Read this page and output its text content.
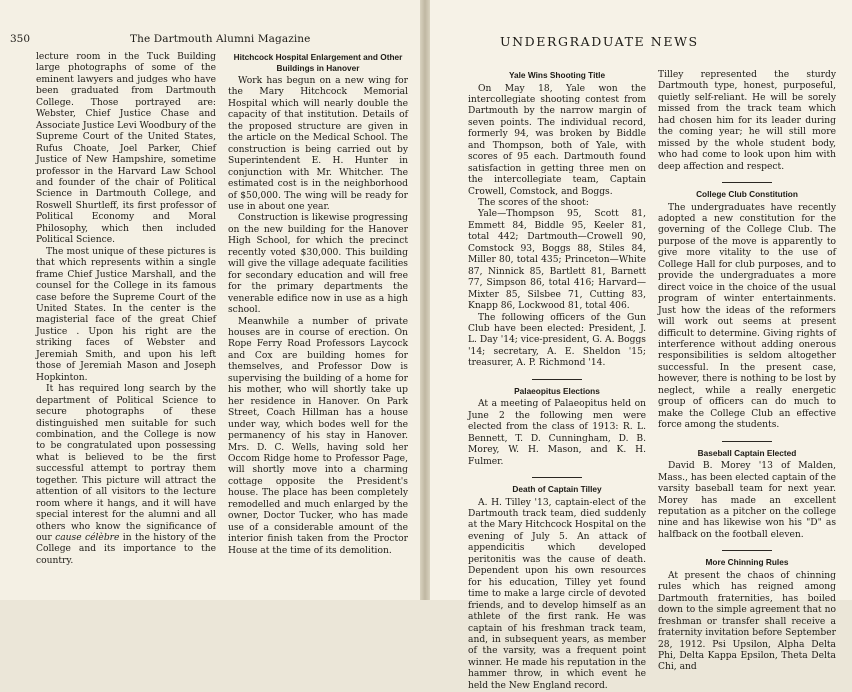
350	The Dartmouth Alumni Magazine

lecture room in the Tuck Building large photographs of some of the eminent lawyers and judges who have been graduated from Dartmouth College. Those portrayed are: Webster, Chief Justice Chase and Associate Justice Levi Woodbury of the Supreme Court of the United States, Rufus Choate, Joel Parker, Chief Justice of New Hampshire, sometime professor in the Harvard Law School and founder of the chair of Political Science in Dartmouth College, and Roswell Shurtleff, its first professor of Political Economy and Moral Philosophy, which then included Political Science.

The most unique of these pictures is that which represents within a single frame Chief Justice Marshall, and the counsel for the College in its famous case before the Supreme Court of the United States. In the center is the magisterial face of the great Chief Justice . Upon his right are the striking faces of Webster and Jeremiah Smith, and upon his left those of Jeremiah Mason and Joseph Hopkinton.

It has required long search by the department of Political Science to secure photographs of these distinguished men suitable for such combination, and the College is now to be congratulated upon possessing what is believed to be the first successful attempt to portray them together. This picture will attract the attention of all visitors to the lecture room where it hangs, and it will have special interest for the alumni and all others who know the significance of our cause célèbre in the history of the College and its importance to the country.

Hitchcock Hospital Enlargement and Other Buildings in Hanover

Work has begun on a new wing for the Mary Hitchcock Memorial Hospital which will nearly double the capacity of that institution. Details of the proposed structure are given in the article on the Medical School. The construction is being carried out by Superintendent E. H. Hunter in conjunction with Mr. Whitcher. The estimated cost is in the neighborhood of $50,000. The wing will be ready for use in about one year.

Construction is likewise progressing on the new building for the Hanover High School, for which the precinct recently voted $30,000. This building will give the village adequate facilities for secondary education and will free for the primary departments the venerable edifice now in use as a high school.

Meanwhile a number of private houses are in course of erection. On Rope Ferry Road Professors Laycock and Cox are building homes for themselves, and Professor Dow is supervising the building of a home for his mother, who will shortly take up her residence in Hanover. On Park Street, Coach Hillman has a house under way, which bodes well for the permanency of his stay in Hanover. Mrs. D. C. Wells, having sold her Occom Ridge home to Professor Page, will shortly move into a charming cottage opposite the President's house. The place has been completely remodelled and much enlarged by the owner, Doctor Tucker, who has made use of a considerable amount of the interior finish taken from the Proctor House at the time of its demolition.

UNDERGRADUATE NEWS
Yale Wins Shooting Title

On May 18, Yale won the intercollegiate shooting contest from Dartmouth by the narrow margin of seven points. The individual record, formerly 94, was broken by Biddle and Thompson, both of Yale, with scores of 95 each. Dartmouth found satisfaction in getting three men on the intercollegiate team, Captain Crowell, Comstock, and Boggs.

The scores of the shoot:

Yale—Thompson 95, Scott 81, Emmett 84, Biddle 95, Keeler 81, total 442; Dartmouth—Crowell 90, Comstock 93, Boggs 88, Stiles 84, Miller 80, total 435; Princeton—White 87, Ninnick 85, Bartlett 81, Barnett 77, Simpson 86, total 416; Harvard—Mixter 85, Silsbee 71, Cutting 83, Knapp 86, Lockwood 81, total 406.

The following officers of the Gun Club have been elected: President, J. L. Day '14; vice-president, G. A. Boggs '14; secretary, A. E. Sheldon '15; treasurer, A. P. Richmond '14.

Palaeopitus Elections

At a meeting of Palaeopitus held on June 2 the following men were elected from the class of 1913: R. L. Bennett, T. D. Cunningham, D. B. Morey, W. H. Mason, and K. H. Fulmer.

Death of Captain Tilley

A. H. Tilley '13, captain-elect of the Dartmouth track team, died suddenly at the Mary Hitchcock Hospital on the evening of July 5. An attack of appendicitis which developed peritonitis was the cause of death. Dependent upon his own resources for his education, Tilley yet found time to make a large circle of devoted friends, and to develop himself as an athlete of the first rank. He was captain of his freshman track team, and, in subsequent years, as member of the varsity, was a frequent point winner. He made his reputation in the hammer throw, in which event he held the New England record.

Tilley represented the sturdy Dartmouth type, honest, purposeful, quietly self-reliant. He will be sorely missed from the track team which had chosen him for its leader during the coming year; he will still more missed by the whole student body, who had come to look upon him with deep affection and respect.

College Club Constitution

The undergraduates have recently adopted a new constitution for the governing of the College Club. The purpose of the move is apparently to give more vitality to the use of College Hall for club purposes, and to provide the undergraduates a more direct voice in the choice of the usual program of winter entertainments. Just how the ideas of the reformers will work out seems at present difficult to determine. Giving rights of interference without adding onerous responsibilities is seldom altogether successful. In the present case, however, there is nothing to be lost by neglect, while a really energetic group of officers can do much to make the College Club an effective force among the students.

Baseball Captain Elected

David B. Morey '13 of Malden, Mass., has been elected captain of the varsity baseball team for next year. Morey has made an excellent reputation as a pitcher on the college nine and has likewise won his "D" as halfback on the football eleven.

More Chinning Rules

At present the chaos of chinning rules which has reigned among Dartmouth fraternities, has boiled down to the simple agreement that no freshman or transfer shall receive a fraternity invitation before September 28, 1912. Psi Upsilon, Alpha Delta Phi, Delta Kappa Epsilon, Theta Delta Chi, and
